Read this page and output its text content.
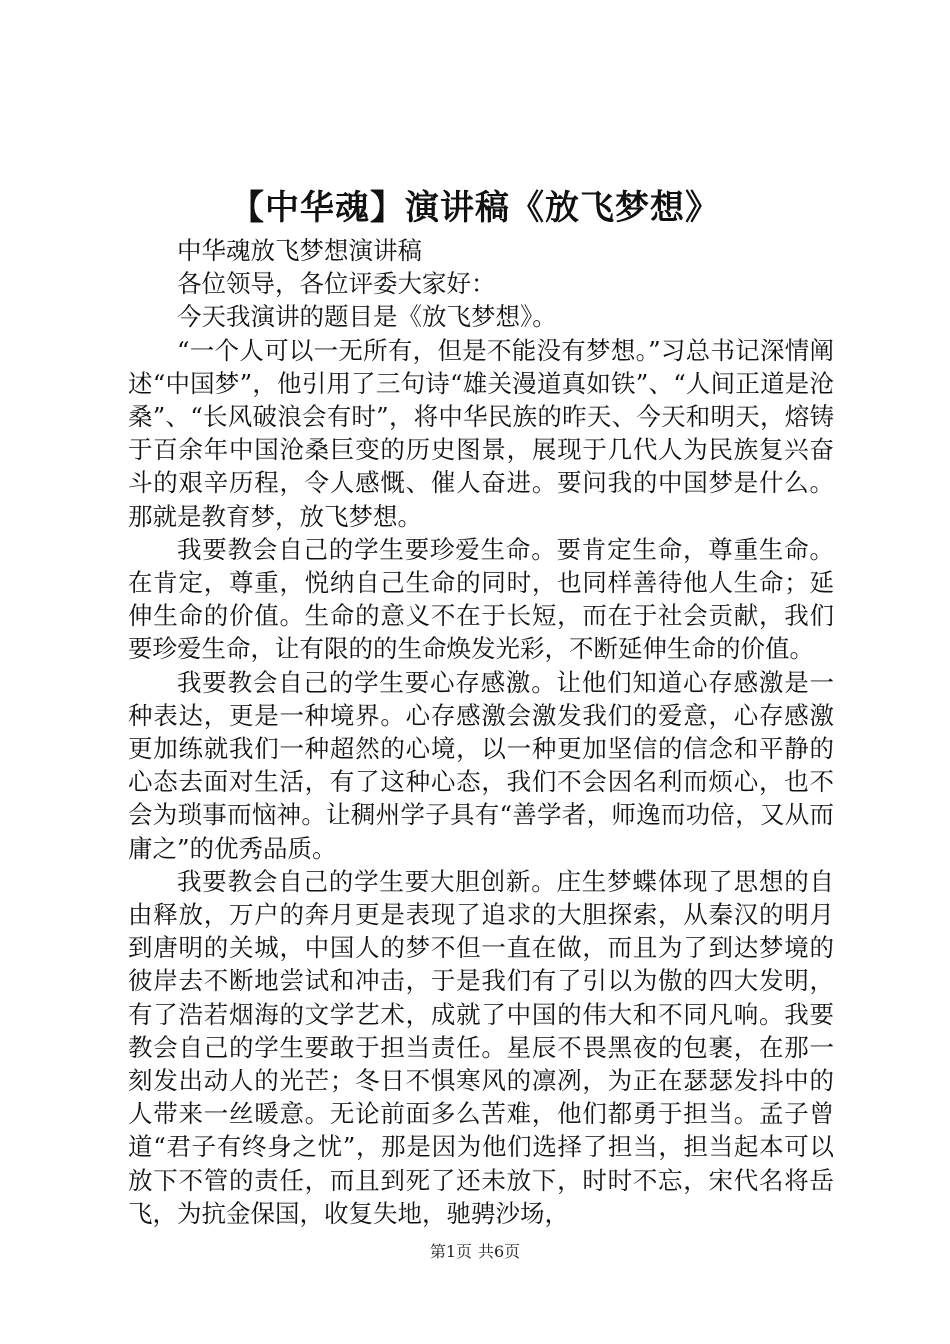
【中华魂】演讲稿《放飞梦想》

中华魂放飞梦想演讲稿

各位领导，各位评委大家好：

今天我演讲的题目是《放飞梦想》。

“一个人可以一无所有，但是不能没有梦想。”习总书记深情阐述“中国梦”，他引用了三句诗“雄关漫道真如铁”、“人间正道是沧桑”、“长风破浪会有时”，将中华民族的昨天、今天和明天，熔铸于百余年中国沧桑巨变的历史图景，展现于几代人为民族复兴奋斗的艰辛历程，令人感慨、催人奋进。要问我的中国梦是什么。那就是教育梦，放飞梦想。

我要教会自己的学生要珍爱生命。要肯定生命，尊重生命。在肯定，尊重，悦纳自己生命的同时，也同样善待他人生命；延伸生命的价值。生命的意义不在于长短，而在于社会贡献，我们要珍爱生命，让有限的的生命焕发光彩，不断延伸生命的价值。

我要教会自己的学生要心存感激。让他们知道心存感激是一种表达，更是一种境界。心存感激会激发我们的爱意，心存感激更加练就我们一种超然的心境，以一种更加坚信的信念和平静的心态去面对生活，有了这种心态，我们不会因名利而烦心，也不会为琐事而恼神。让稠州学子具有“善学者，师逸而功倍，又从而庸之”的优秀品质。

我要教会自己的学生要大胆创新。庄生梦蝶体现了思想的自由释放，万户的奔月更是表现了追求的大胆探索，从秦汉的明月到唐明的关城，中国人的梦不但一直在做，而且为了到达梦境的彼岸去不断地尝试和冲击，于是我们有了引以为傲的四大发明，有了浩若烟海的文学艺术，成就了中国的伟大和不同凡响。我要教会自己的学生要敢于担当责任。星辰不畏黑夜的包裹，在那一刻发出动人的光芒；冬日不惧寒风的凛冽，为正在瑟瑟发抖中的人带来一丝暖意。无论前面多么苦难，他们都勇于担当。孟子曾道“君子有终身之忧”，那是因为他们选择了担当，担当起本可以放下不管的责任，而且到死了还未放下，时时不忘，宋代名将岳飞，为抗金保国，收复失地，驰骋沙场，

第1页 共6页
